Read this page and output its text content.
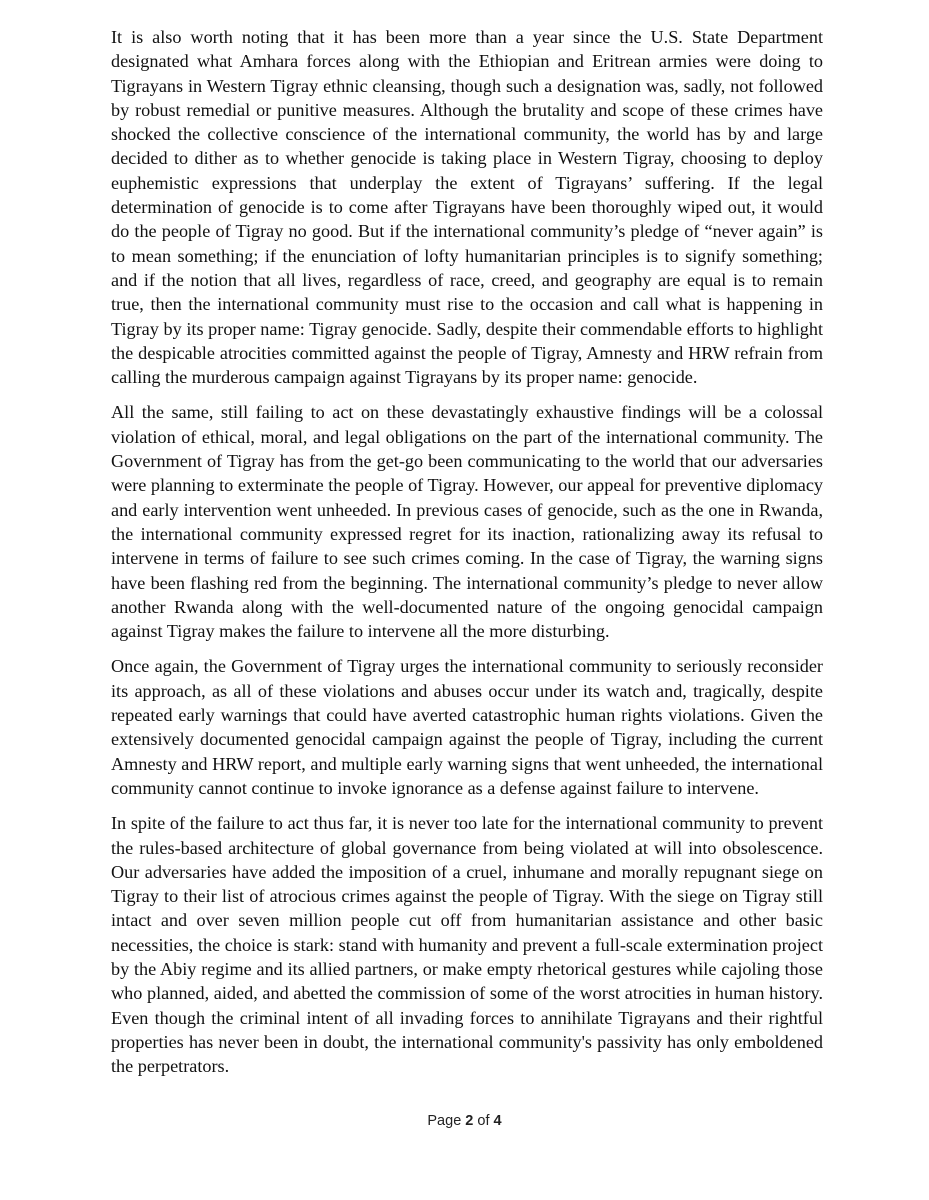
It is also worth noting that it has been more than a year since the U.S. State Department designated what Amhara forces along with the Ethiopian and Eritrean armies were doing to Tigrayans in Western Tigray ethnic cleansing, though such a designation was, sadly, not followed by robust remedial or punitive measures. Although the brutality and scope of these crimes have shocked the collective conscience of the international community, the world has by and large decided to dither as to whether genocide is taking place in Western Tigray, choosing to deploy euphemistic expressions that underplay the extent of Tigrayans’ suffering. If the legal determination of genocide is to come after Tigrayans have been thoroughly wiped out, it would do the people of Tigray no good. But if the international community’s pledge of “never again” is to mean something; if the enunciation of lofty humanitarian principles is to signify something; and if the notion that all lives, regardless of race, creed, and geography are equal is to remain true, then the international community must rise to the occasion and call what is happening in Tigray by its proper name: Tigray genocide. Sadly, despite their commendable efforts to highlight the despicable atrocities committed against the people of Tigray, Amnesty and HRW refrain from calling the murderous campaign against Tigrayans by its proper name: genocide.

All the same, still failing to act on these devastatingly exhaustive findings will be a colossal violation of ethical, moral, and legal obligations on the part of the international community. The Government of Tigray has from the get-go been communicating to the world that our adversaries were planning to exterminate the people of Tigray. However, our appeal for preventive diplomacy and early intervention went unheeded. In previous cases of genocide, such as the one in Rwanda, the international community expressed regret for its inaction, rationalizing away its refusal to intervene in terms of failure to see such crimes coming. In the case of Tigray, the warning signs have been flashing red from the beginning. The international community’s pledge to never allow another Rwanda along with the well-documented nature of the ongoing genocidal campaign against Tigray makes the failure to intervene all the more disturbing.

Once again, the Government of Tigray urges the international community to seriously reconsider its approach, as all of these violations and abuses occur under its watch and, tragically, despite repeated early warnings that could have averted catastrophic human rights violations. Given the extensively documented genocidal campaign against the people of Tigray, including the current Amnesty and HRW report, and multiple early warning signs that went unheeded, the international community cannot continue to invoke ignorance as a defense against failure to intervene.

In spite of the failure to act thus far, it is never too late for the international community to prevent the rules-based architecture of global governance from being violated at will into obsolescence. Our adversaries have added the imposition of a cruel, inhumane and morally repugnant siege on Tigray to their list of atrocious crimes against the people of Tigray. With the siege on Tigray still intact and over seven million people cut off from humanitarian assistance and other basic necessities, the choice is stark: stand with humanity and prevent a full-scale extermination project by the Abiy regime and its allied partners, or make empty rhetorical gestures while cajoling those who planned, aided, and abetted the commission of some of the worst atrocities in human history. Even though the criminal intent of all invading forces to annihilate Tigrayans and their rightful properties has never been in doubt, the international community's passivity has only emboldened the perpetrators.

Page 2 of 4
